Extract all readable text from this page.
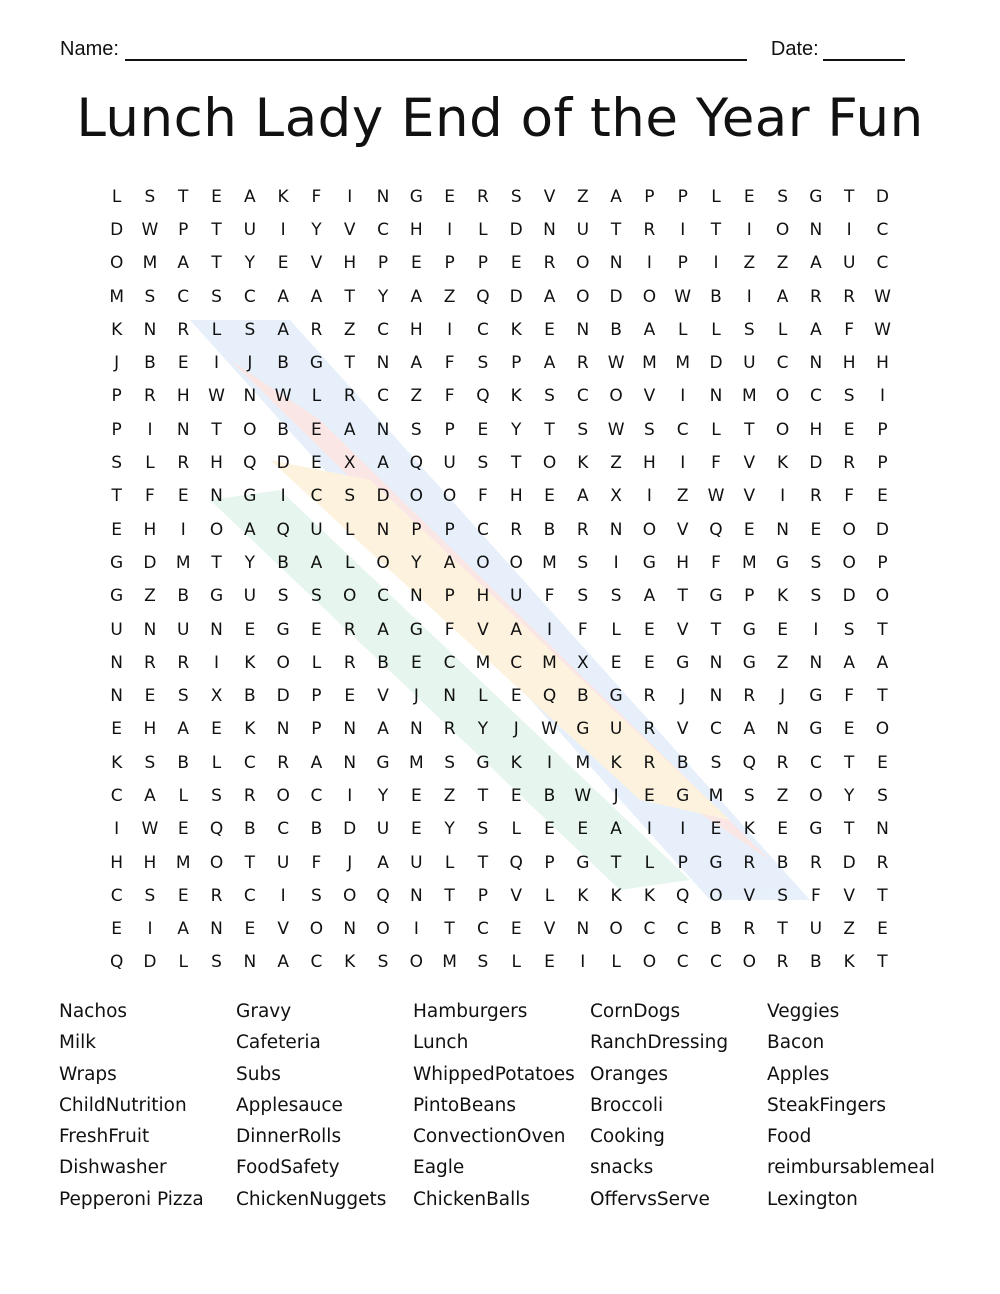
Name:	Date:
Lunch Lady End of the Year Fun
L	S	T	E	A	K	F	I	N	G	E	R	S	V	Z	A	P	P	L	E	S	G	T	D
D	W	P	T	U	I	Y	V	C	H	I	L	D	N	U	T	R	I	T	I	O	N	I	C
O	M	A	T	Y	E	V	H	P	E	P	P	E	R	O	N	I	P	I	Z	Z	A	U	C
M	S	C	S	C	A	A	T	Y	A	Z	Q	D	A	O	D	O	W	B	I	A	R	R	W
K	N	R	L	S	A	R	Z	C	H	I	C	K	E	N	B	A	L	L	S	L	A	F	W
J	B	E	I	J	B	G	T	N	A	F	S	P	A	R	W	M	M	D	U	C	N	H	H
P	R	H	W	N	W	L	R	C	Z	F	Q	K	S	C	O	V	I	N	M	O	C	S	I
P	I	N	T	O	B	E	A	N	S	P	E	Y	T	S	W	S	C	L	T	O	H	E	P
S	L	R	H	Q	D	E	X	A	Q	U	S	T	O	K	Z	H	I	F	V	K	D	R	P
T	F	E	N	G	I	C	S	D	O	O	F	H	E	A	X	I	Z	W	V	I	R	F	E
E	H	I	O	A	Q	U	L	N	P	P	C	R	B	R	N	O	V	Q	E	N	E	O	D
G	D	M	T	Y	B	A	L	O	Y	A	O	O	M	S	I	G	H	F	M	G	S	O	P
G	Z	B	G	U	S	S	O	C	N	P	H	U	F	S	S	A	T	G	P	K	S	D	O
U	N	U	N	E	G	E	R	A	G	F	V	A	I	F	L	E	V	T	G	E	I	S	T
N	R	R	I	K	O	L	R	B	E	C	M	C	M	X	E	E	G	N	G	Z	N	A	A
N	E	S	X	B	D	P	E	V	J	N	L	E	Q	B	G	R	J	N	R	J	G	F	T
E	H	A	E	K	N	P	N	A	N	R	Y	J	W	G	U	R	V	C	A	N	G	E	O
K	S	B	L	C	R	A	N	G	M	S	G	K	I	M	K	R	B	S	Q	R	C	T	E
C	A	L	S	R	O	C	I	Y	E	Z	T	E	B	W	J	E	G	M	S	Z	O	Y	S
I	W	E	Q	B	C	B	D	U	E	Y	S	L	E	E	A	I	I	E	K	E	G	T	N
H	H	M	O	T	U	F	J	A	U	L	T	Q	P	G	T	L	P	G	R	B	R	D	R
C	S	E	R	C	I	S	O	Q	N	T	P	V	L	K	K	K	Q	O	V	S	F	V	T
E	I	A	N	E	V	O	N	O	I	T	C	E	V	N	O	C	C	B	R	T	U	Z	E
Q	D	L	S	N	A	C	K	S	O	M	S	L	E	I	L	O	C	C	O	R	B	K	T
Nachos	Gravy	Hamburgers	CornDogs	Veggies
Milk	Cafeteria	Lunch	RanchDressing	Bacon
Wraps	Subs	WhippedPotatoes Oranges	Apples
ChildNutrition	Applesauce	PintoBeans	Broccoli	SteakFingers
FreshFruit	DinnerRolls	ConvectionOven	Cooking	Food
Dishwasher	FoodSafety	Eagle	snacks	reimbursablemeal
Pepperoni Pizza	ChickenNuggets	ChickenBalls	OffervsServe	Lexington
